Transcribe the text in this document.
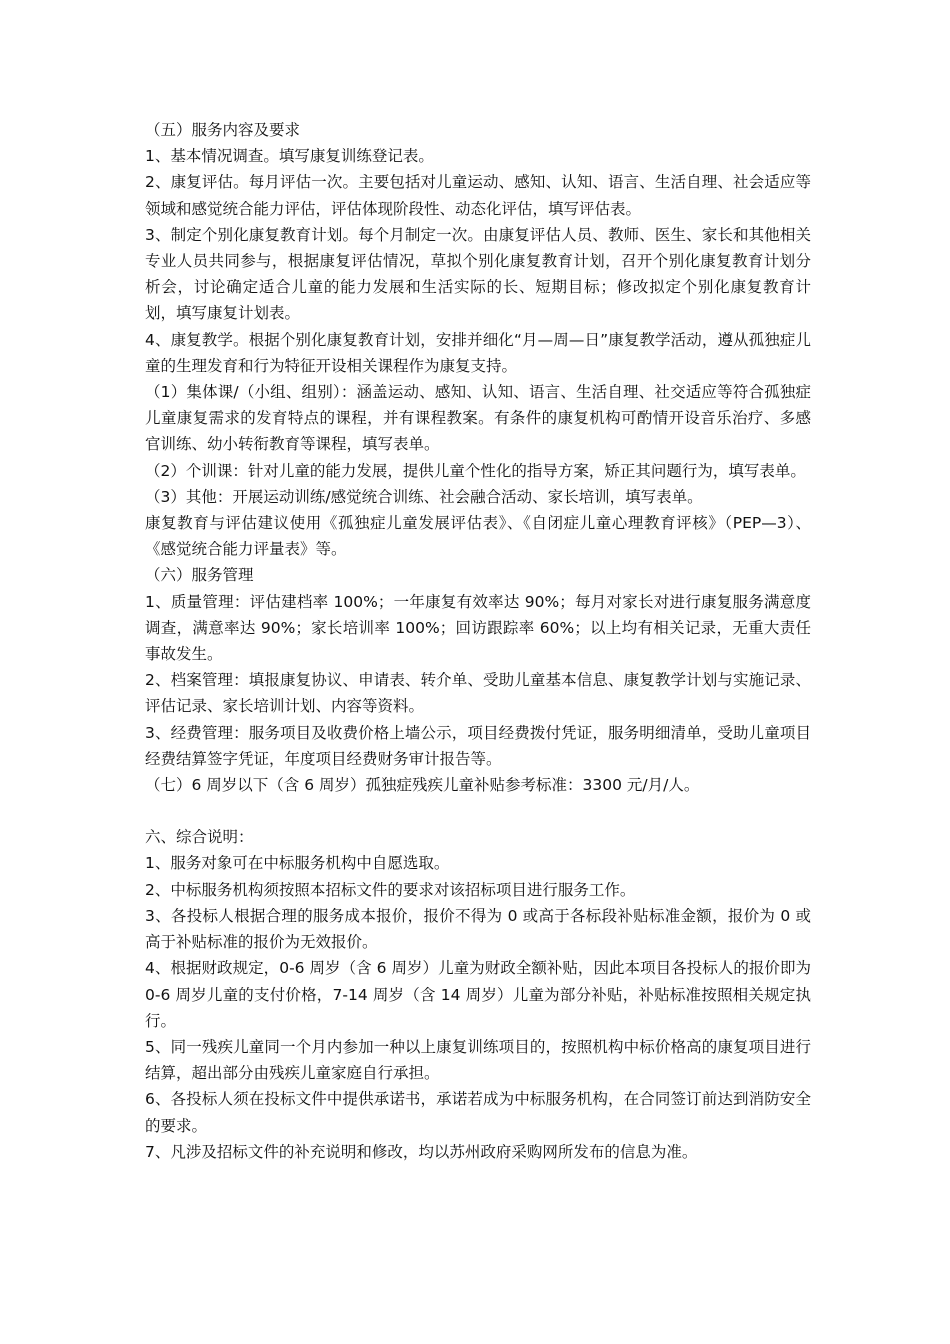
（五）服务内容及要求

1、基本情况调查。填写康复训练登记表。

2、康复评估。每月评估一次。主要包括对儿童运动、感知、认知、语言、生活自理、社会适应等领域和感觉统合能力评估，评估体现阶段性、动态化评估，填写评估表。

3、制定个别化康复教育计划。每个月制定一次。由康复评估人员、教师、医生、家长和其他相关专业人员共同参与，根据康复评估情况，草拟个别化康复教育计划，召开个别化康复教育计划分析会，讨论确定适合儿童的能力发展和生活实际的长、短期目标；修改拟定个别化康复教育计划，填写康复计划表。

4、康复教学。根据个别化康复教育计划，安排并细化“月—周—日”康复教学活动，遵从孤独症儿童的生理发育和行为特征开设相关课程作为康复支持。

（1）集体课/（小组、组别）：涵盖运动、感知、认知、语言、生活自理、社交适应等符合孤独症儿童康复需求的发育特点的课程，并有课程教案。有条件的康复机构可酌情开设音乐治疗、多感官训练、幼小转衔教育等课程，填写表单。

（2）个训课：针对儿童的能力发展，提供儿童个性化的指导方案，矫正其问题行为，填写表单。

（3）其他：开展运动训练/感觉统合训练、社会融合活动、家长培训，填写表单。

康复教育与评估建议使用《孤独症儿童发展评估表》、《自闭症儿童心理教育评核》（PEP—3）、《感觉统合能力评量表》等。

（六）服务管理

1、质量管理：评估建档率 100%；一年康复有效率达 90%；每月对家长对进行康复服务满意度调查，满意率达 90%；家长培训率 100%；回访跟踪率 60%；以上均有相关记录，无重大责任事故发生。

2、档案管理：填报康复协议、申请表、转介单、受助儿童基本信息、康复教学计划与实施记录、评估记录、家长培训计划、内容等资料。

3、经费管理：服务项目及收费价格上墙公示，项目经费拨付凭证，服务明细清单，受助儿童项目经费结算签字凭证，年度项目经费财务审计报告等。

（七）6 周岁以下（含 6 周岁）孤独症残疾儿童补贴参考标准：3300 元/月/人。

六、综合说明：

1、服务对象可在中标服务机构中自愿选取。

2、中标服务机构须按照本招标文件的要求对该招标项目进行服务工作。

3、各投标人根据合理的服务成本报价，报价不得为 0 或高于各标段补贴标准金额，报价为 0 或高于补贴标准的报价为无效报价。

4、根据财政规定，0-6 周岁（含 6 周岁）儿童为财政全额补贴，因此本项目各投标人的报价即为 0-6 周岁儿童的支付价格，7-14 周岁（含 14 周岁）儿童为部分补贴，补贴标准按照相关规定执行。

5、同一残疾儿童同一个月内参加一种以上康复训练项目的，按照机构中标价格高的康复项目进行结算，超出部分由残疾儿童家庭自行承担。

6、各投标人须在投标文件中提供承诺书，承诺若成为中标服务机构，在合同签订前达到消防安全的要求。

7、凡涉及招标文件的补充说明和修改，均以苏州政府采购网所发布的信息为准。
